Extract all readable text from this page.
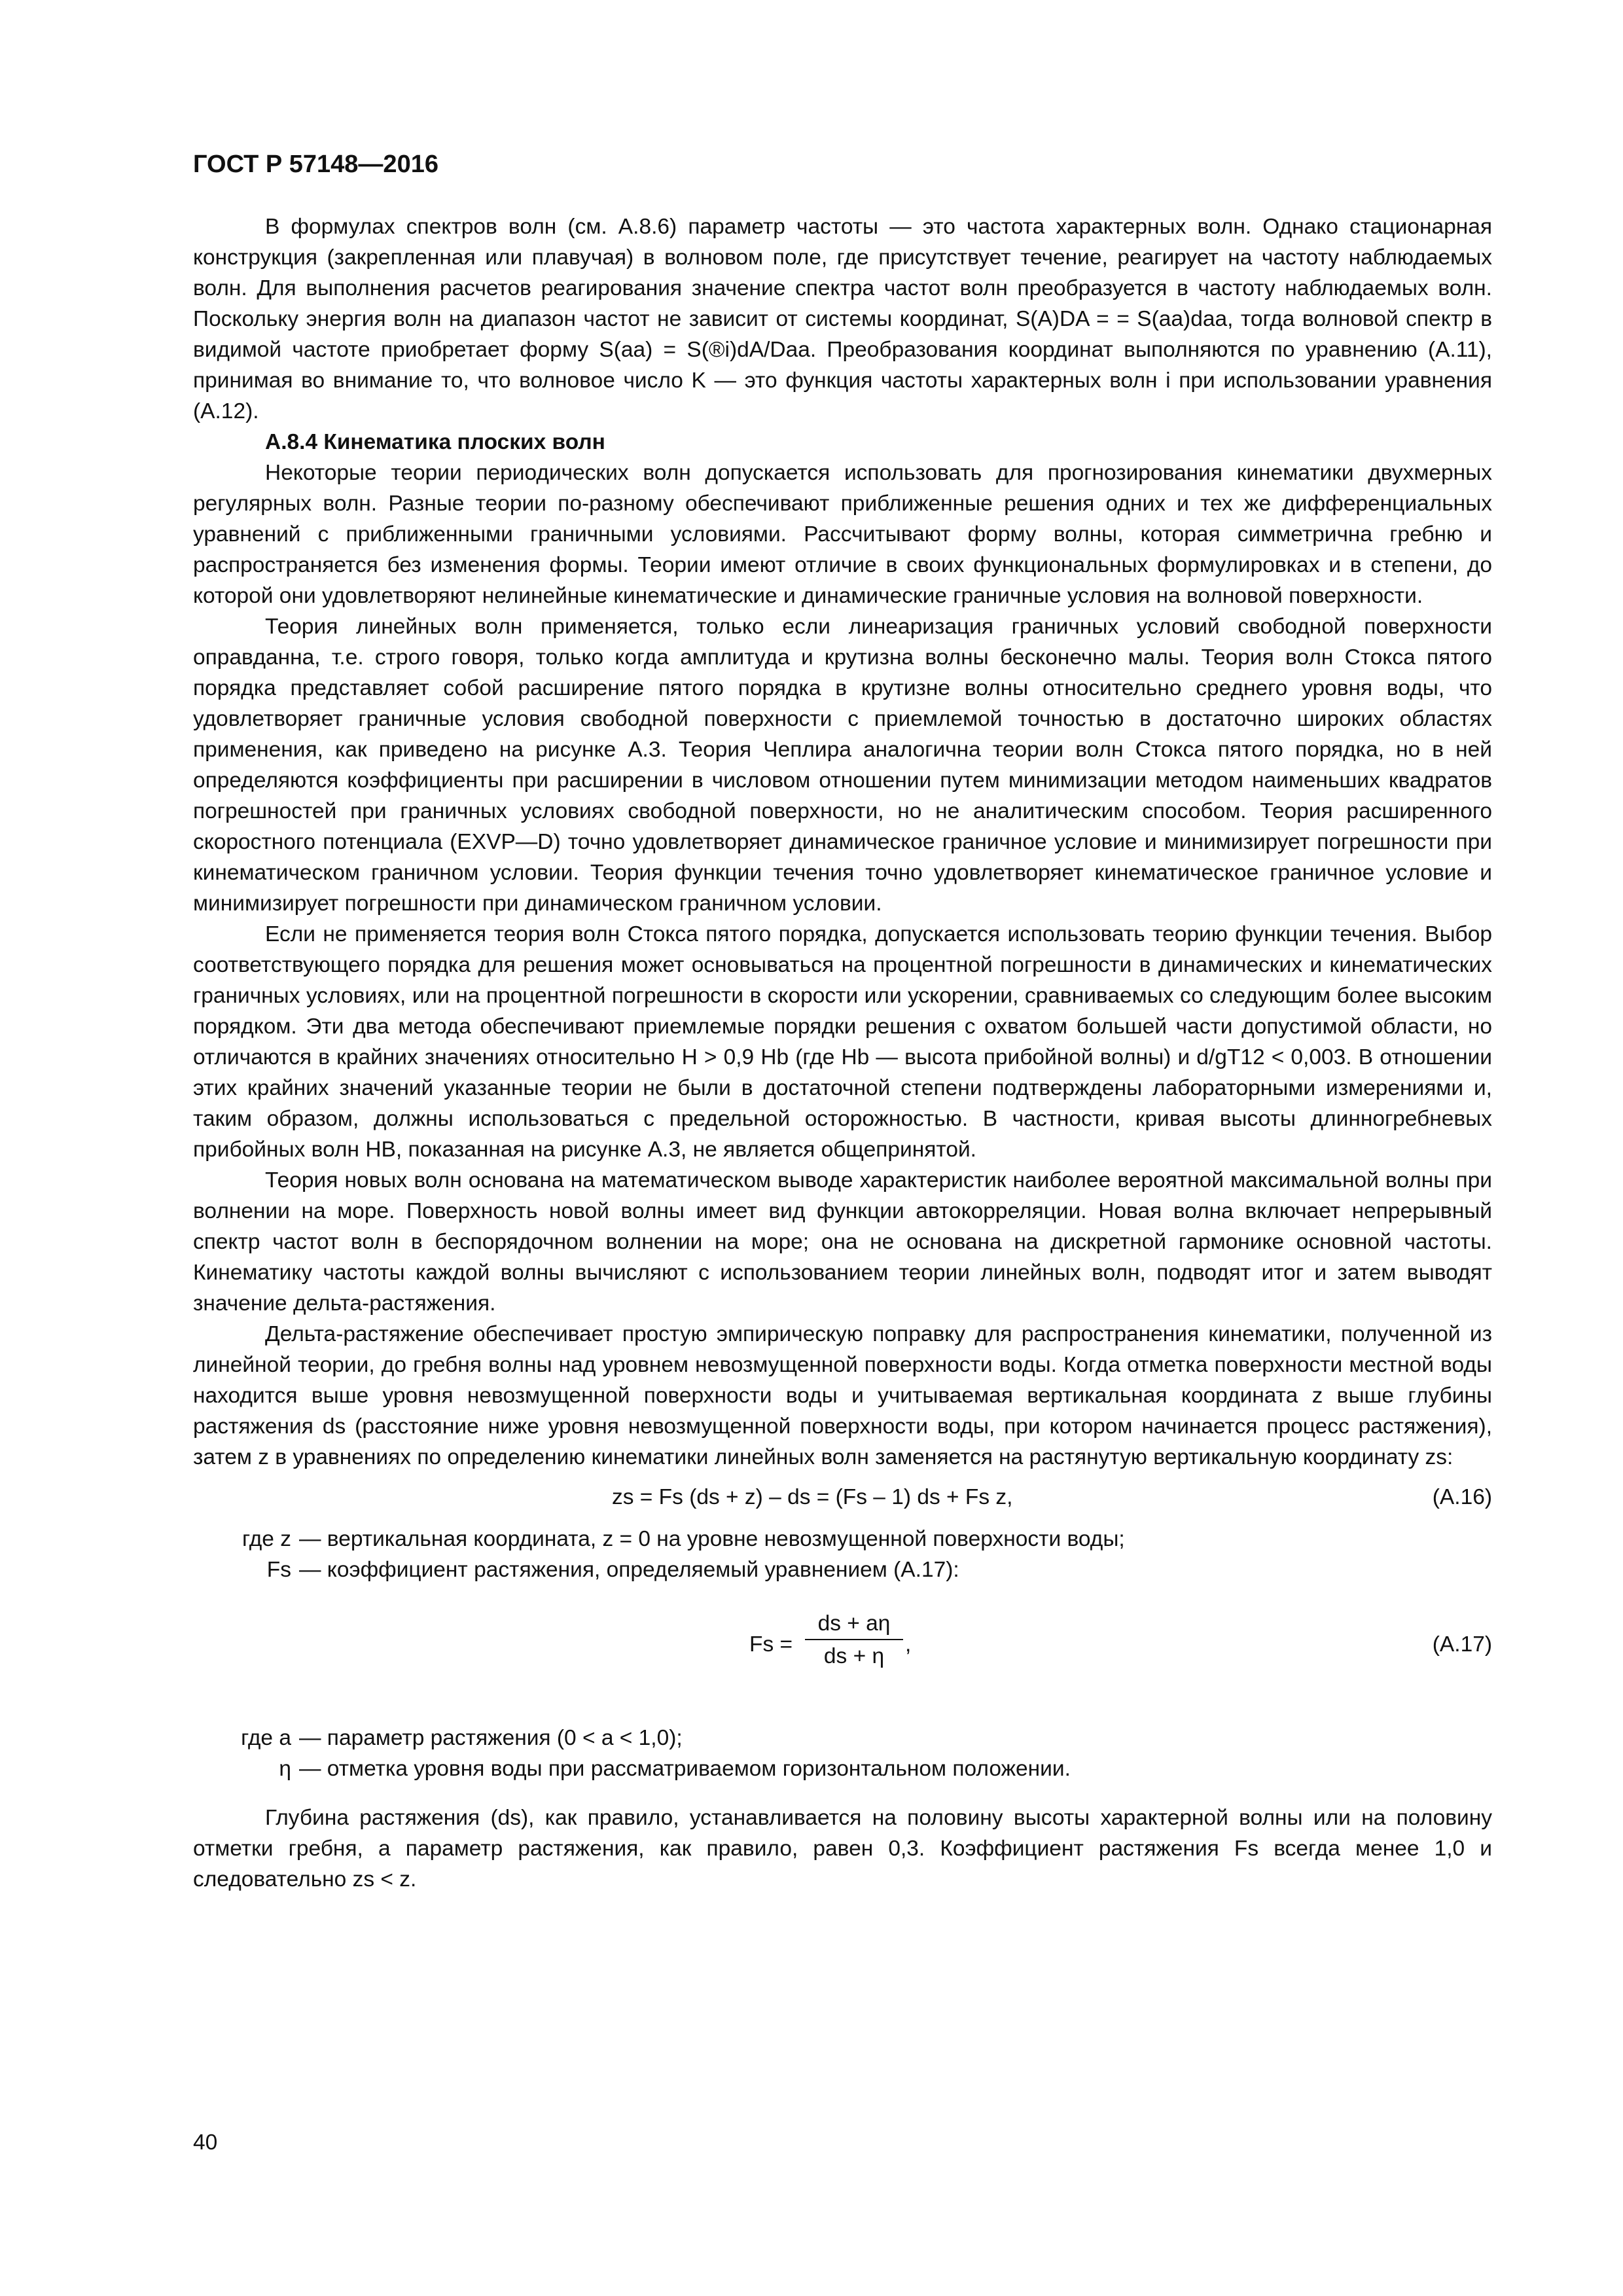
ГОСТ Р 57148—2016

В формулах спектров волн (см. А.8.6) параметр частоты — это частота характерных волн. Однако стационарная конструкция (закрепленная или плавучая) в волновом поле, где присутствует течение, реагирует на частоту наблюдаемых волн. Для выполнения расчетов реагирования значение спектра частот волн преобразуется в частоту наблюдаемых волн. Поскольку энергия волн на диапазон частот не зависит от системы координат, S(A)DA = = S(aa)daa, тогда волновой спектр в видимой частоте приобретает форму S(aa) = S(®i)dA/Daa. Преобразования координат выполняются по уравнению (А.11), принимая во внимание то, что волновое число K — это функция частоты характерных волн i при использовании уравнения (А.12).

А.8.4 Кинематика плоских волн

Некоторые теории периодических волн допускается использовать для прогнозирования кинематики двухмерных регулярных волн. Разные теории по-разному обеспечивают приближенные решения одних и тех же дифференциальных уравнений с приближенными граничными условиями. Рассчитывают форму волны, которая симметрична гребню и распространяется без изменения формы. Теории имеют отличие в своих функциональных формулировках и в степени, до которой они удовлетворяют нелинейные кинематические и динамические граничные условия на волновой поверхности.

Теория линейных волн применяется, только если линеаризация граничных условий свободной поверхности оправданна, т.е. строго говоря, только когда амплитуда и крутизна волны бесконечно малы. Теория волн Стокса пятого порядка представляет собой расширение пятого порядка в крутизне волны относительно среднего уровня воды, что удовлетворяет граничные условия свободной поверхности с приемлемой точностью в достаточно широких областях применения, как приведено на рисунке А.3. Теория Чеплира аналогична теории волн Стокса пятого порядка, но в ней определяются коэффициенты при расширении в числовом отношении путем минимизации методом наименьших квадратов погрешностей при граничных условиях свободной поверхности, но не аналитическим способом. Теория расширенного скоростного потенциала (EXVP—D) точно удовлетворяет динамическое граничное условие и минимизирует погрешности при кинематическом граничном условии. Теория функции течения точно удовлетворяет кинематическое граничное условие и минимизирует погрешности при динамическом граничном условии.

Если не применяется теория волн Стокса пятого порядка, допускается использовать теорию функции течения. Выбор соответствующего порядка для решения может основываться на процентной погрешности в динамических и кинематических граничных условиях, или на процентной погрешности в скорости или ускорении, сравниваемых со следующим более высоким порядком. Эти два метода обеспечивают приемлемые порядки решения с охватом большей части допустимой области, но отличаются в крайних значениях относительно H > 0,9 Hb (где Hb — высота прибойной волны) и d/gT12 < 0,003. В отношении этих крайних значений указанные теории не были в достаточной степени подтверждены лабораторными измерениями и, таким образом, должны использоваться с предельной осторожностью. В частности, кривая высоты длинногребневых прибойных волн HB, показанная на рисунке А.3, не является общепринятой.

Теория новых волн основана на математическом выводе характеристик наиболее вероятной максимальной волны при волнении на море. Поверхность новой волны имеет вид функции автокорреляции. Новая волна включает непрерывный спектр частот волн в беспорядочном волнении на море; она не основана на дискретной гармонике основной частоты. Кинематику частоты каждой волны вычисляют с использованием теории линейных волн, подводят итог и затем выводят значение дельта-растяжения.

Дельта-растяжение обеспечивает простую эмпирическую поправку для распространения кинематики, полученной из линейной теории, до гребня волны над уровнем невозмущенной поверхности воды. Когда отметка поверхности местной воды находится выше уровня невозмущенной поверхности воды и учитываемая вертикальная координата z выше глубины растяжения ds (расстояние ниже уровня невозмущенной поверхности воды, при котором начинается процесс растяжения), затем z в уравнениях по определению кинематики линейных волн заменяется на растянутую вертикальную координату zs:

zs = Fs (ds + z) – ds = (Fs – 1) ds + Fs z,	(А.16)
где z — вертикальная координата, z = 0 на уровне невозмущенной поверхности воды;
Fs — коэффициент растяжения, определяемый уравнением (А.17):
$Fs = \frac{ds + a\eta}{ds + \eta}$ ,	(А.17)
где a — параметр растяжения (0 < a < 1,0);
η — отметка уровня воды при рассматриваемом горизонтальном положении.

Глубина растяжения (ds), как правило, устанавливается на половину высоты характерной волны или на половину отметки гребня, а параметр растяжения, как правило, равен 0,3. Коэффициент растяжения Fs всегда менее 1,0 и следовательно zs < z.

40
